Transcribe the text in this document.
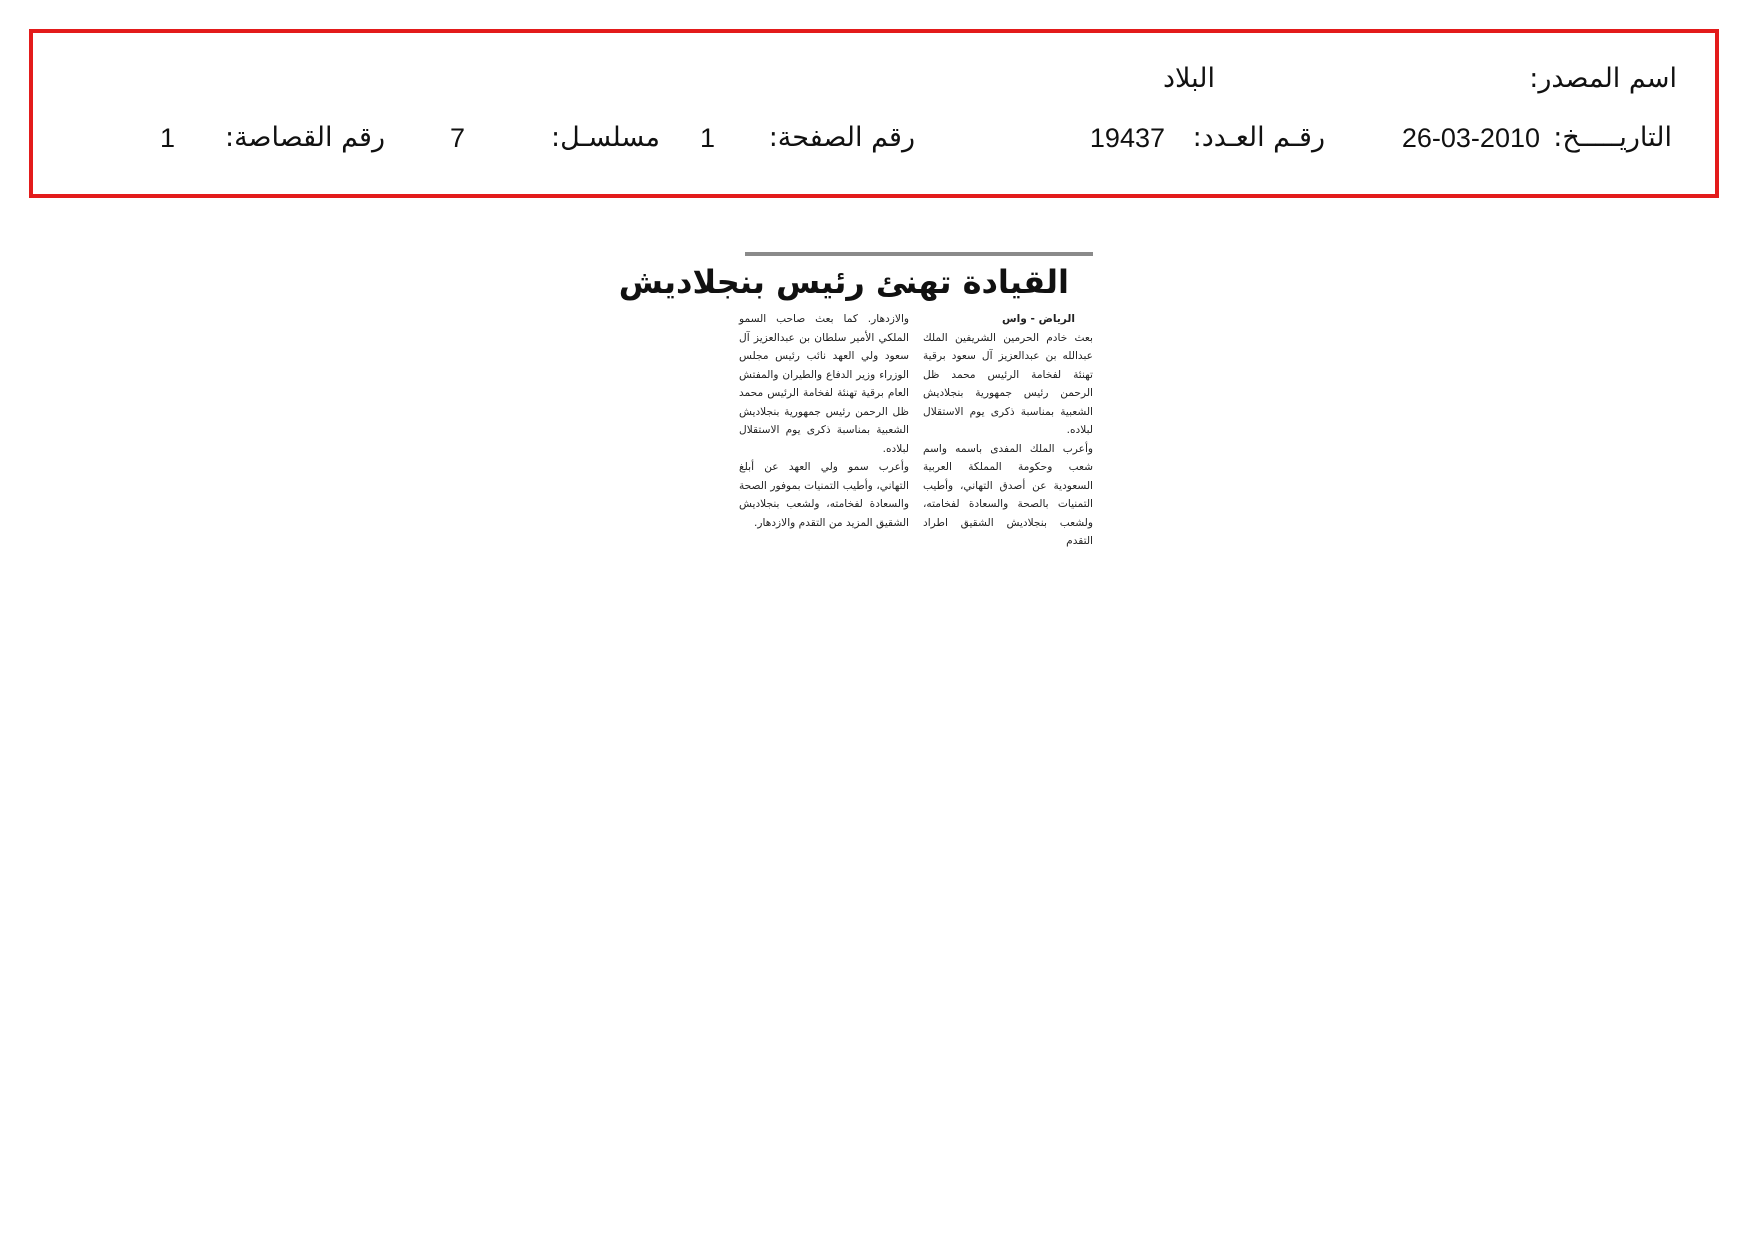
اسم المصدر:
البلاد
التاريـــــخ:
26-03-2010
رقـم العـدد:
19437
رقم الصفحة:
1
مسلسـل:
7
رقم القصاصة:
1
القيادة تهنئ رئيس بنجلاديش
الرياض - واس
بعث خادم الحرمين الشريفين الملك عبدالله بن عبدالعزيز آل سعود برقية تهنئة لفخامة الرئيس محمد ظل الرحمن رئيس جمهورية بنجلاديش الشعبية بمناسبة ذكرى يوم الاستقلال لبلاده.
وأعرب الملك المفدى باسمه واسم شعب وحكومة المملكة العربية السعودية عن أصدق التهاني، وأطيب التمنيات بالصحة والسعادة لفخامته، ولشعب بنجلاديش الشقيق اطراد التقدم
والازدهار. كما بعث صاحب السمو الملكي الأمير سلطان بن عبدالعزيز آل سعود ولي العهد نائب رئيس مجلس الوزراء وزير الدفاع والطيران والمفتش العام برقية تهنئة لفخامة الرئيس محمد ظل الرحمن رئيس جمهورية بنجلاديش الشعبية بمناسبة ذكرى يوم الاستقلال لبلاده.
وأعرب سمو ولي العهد عن أبلغ التهاني، وأطيب التمنيات بموفور الصحة والسعادة لفخامته، ولشعب بنجلاديش الشقيق المزيد من التقدم والازدهار.
